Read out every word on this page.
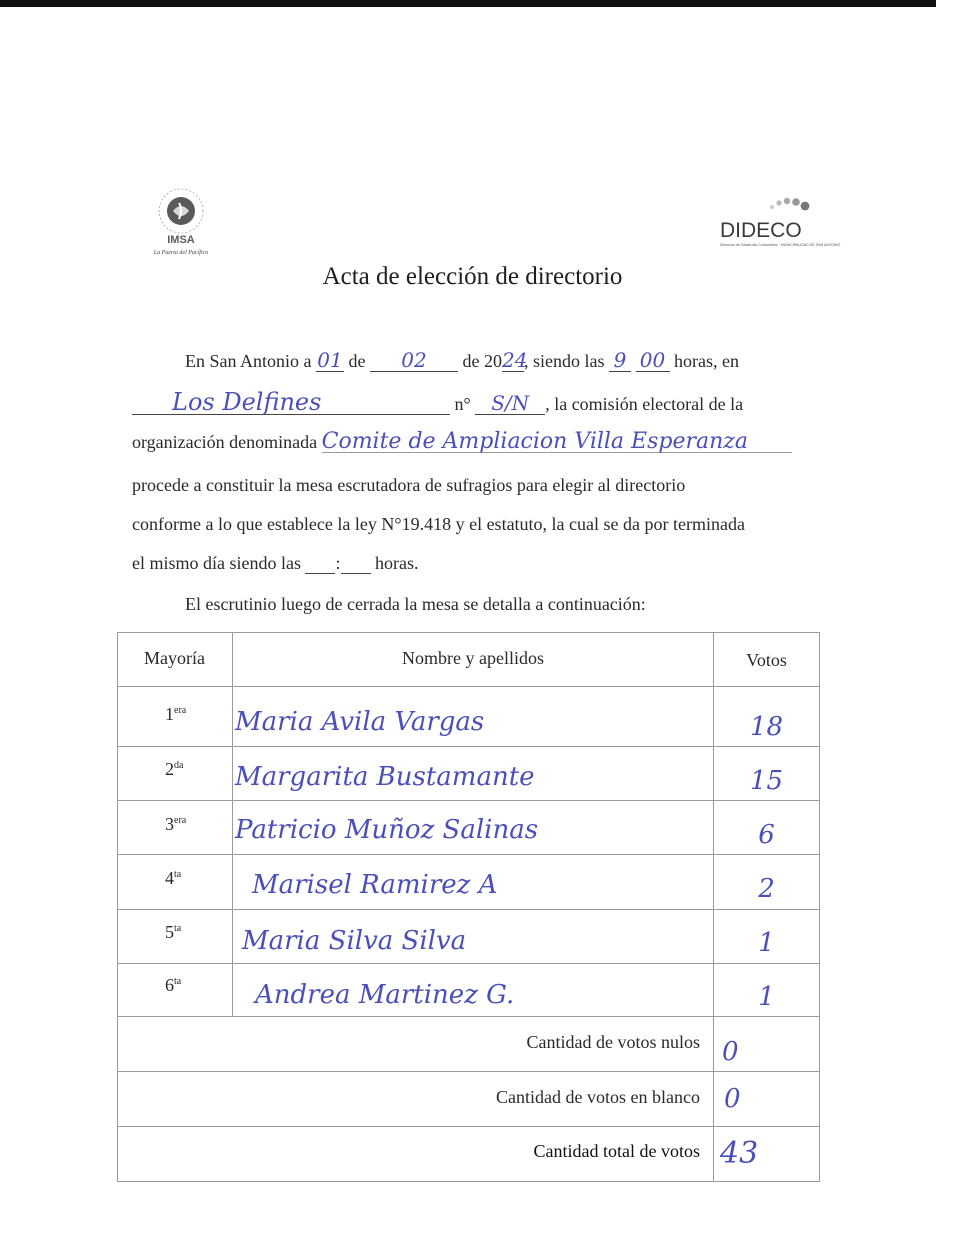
IMSA
La Puerta del Pacífico
DIDECO
Dirección de Desarrollo Comunitario · MUNICIPALIDAD DE SAN ANTONIO
Acta de elección de directorio
En San Antonio a 01 de 02 de 2024, siendo las 9 00 horas, en
Los Delfines	n° S/N , la comisión electoral de la
organización denominada Comite de Ampliacion Villa Esperanza
procede a constituir la mesa escrutadora de sufragios para elegir al directorio
conforme a lo que establece la ley N°19.418 y el estatuto, la cual se da por terminada
el mismo día siendo las : horas.
El escrutinio luego de cerrada la mesa se detalla a continuación:
Mayoría	Nombre y apellidos	Votos
$1^{era}$ Maria Avila Vargas	18
$2^{da}$ Margarita Bustamante	15
$3^{era}$ Patricio Muñoz Salinas	6
$4^{ta}$	Marisel Ramirez A	2
$5^{ta}$ Maria Silva Silva	1
$6^{ta}$	Andrea Martinez G.	1
Cantidad de votos nulos 0
Cantidad de votos en blanco 0
Cantidad total de votos 43
